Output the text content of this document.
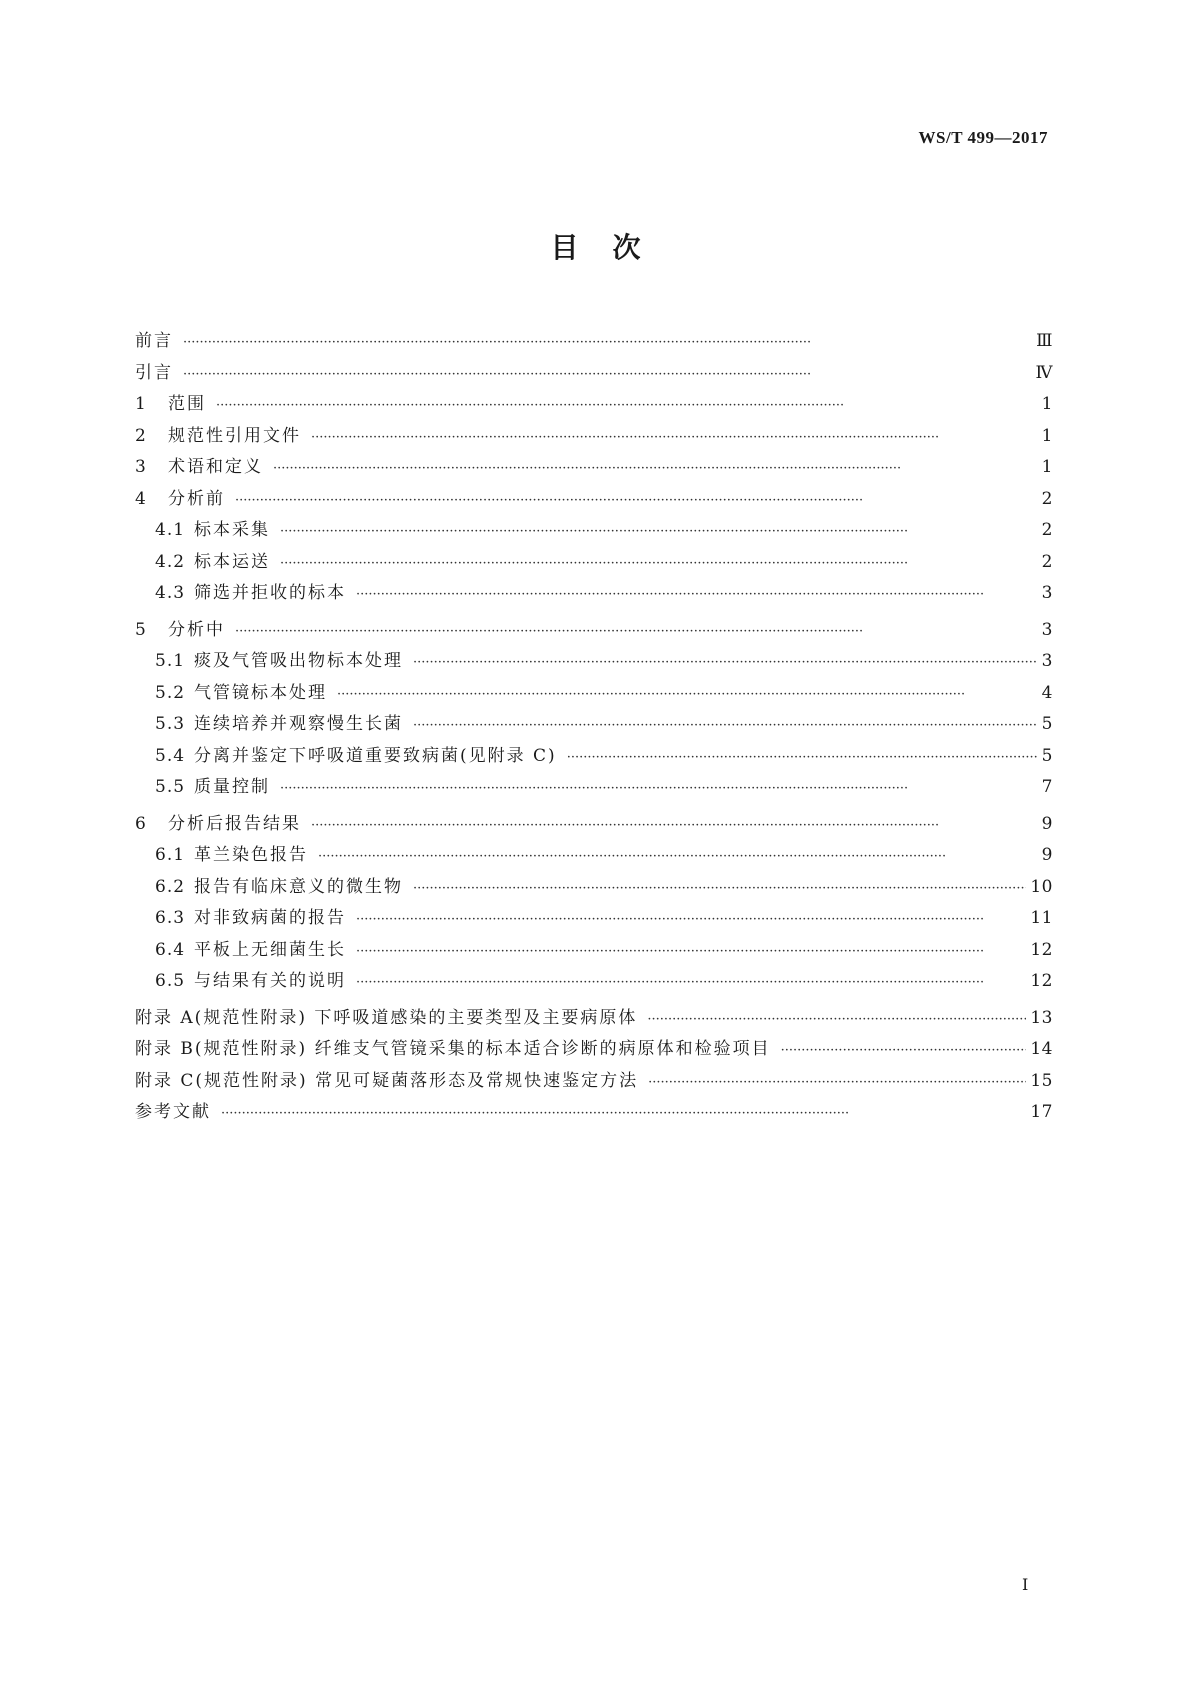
WS/T 499—2017
目次
前言 ·····	Ⅲ
引言 ·····	Ⅳ
1	范围 ·····	1
2	规范性引用文件 ·····	1
3	术语和定义 ·····	1
4	分析前 ·····	2
4.1 标本采集 ·····	2
4.2 标本运送 ·····	2
4.3 筛选并拒收的标本 ·····	3
5	分析中 ·····	3
5.1 痰及气管吸出物标本处理 ·····	3
5.2 气管镜标本处理 ·····	4
5.3 连续培养并观察慢生长菌 ·····	5
5.4 分离并鉴定下呼吸道重要致病菌(见附录 C) ·····	5
5.5 质量控制 ·····	7
6	分析后报告结果 ·····	9
6.1 革兰染色报告 ·····	9
6.2 报告有临床意义的微生物 ·····	10
6.3 对非致病菌的报告 ·····	11
6.4 平板上无细菌生长 ·····	12
6.5 与结果有关的说明 ·····	12
附录 A(规范性附录) 下呼吸道感染的主要类型及主要病原体 ·····	13
附录 B(规范性附录) 纤维支气管镜采集的标本适合诊断的病原体和检验项目 ·····	14
附录 C(规范性附录) 常见可疑菌落形态及常规快速鉴定方法 ·····	15
参考文献 ·····	17
I
